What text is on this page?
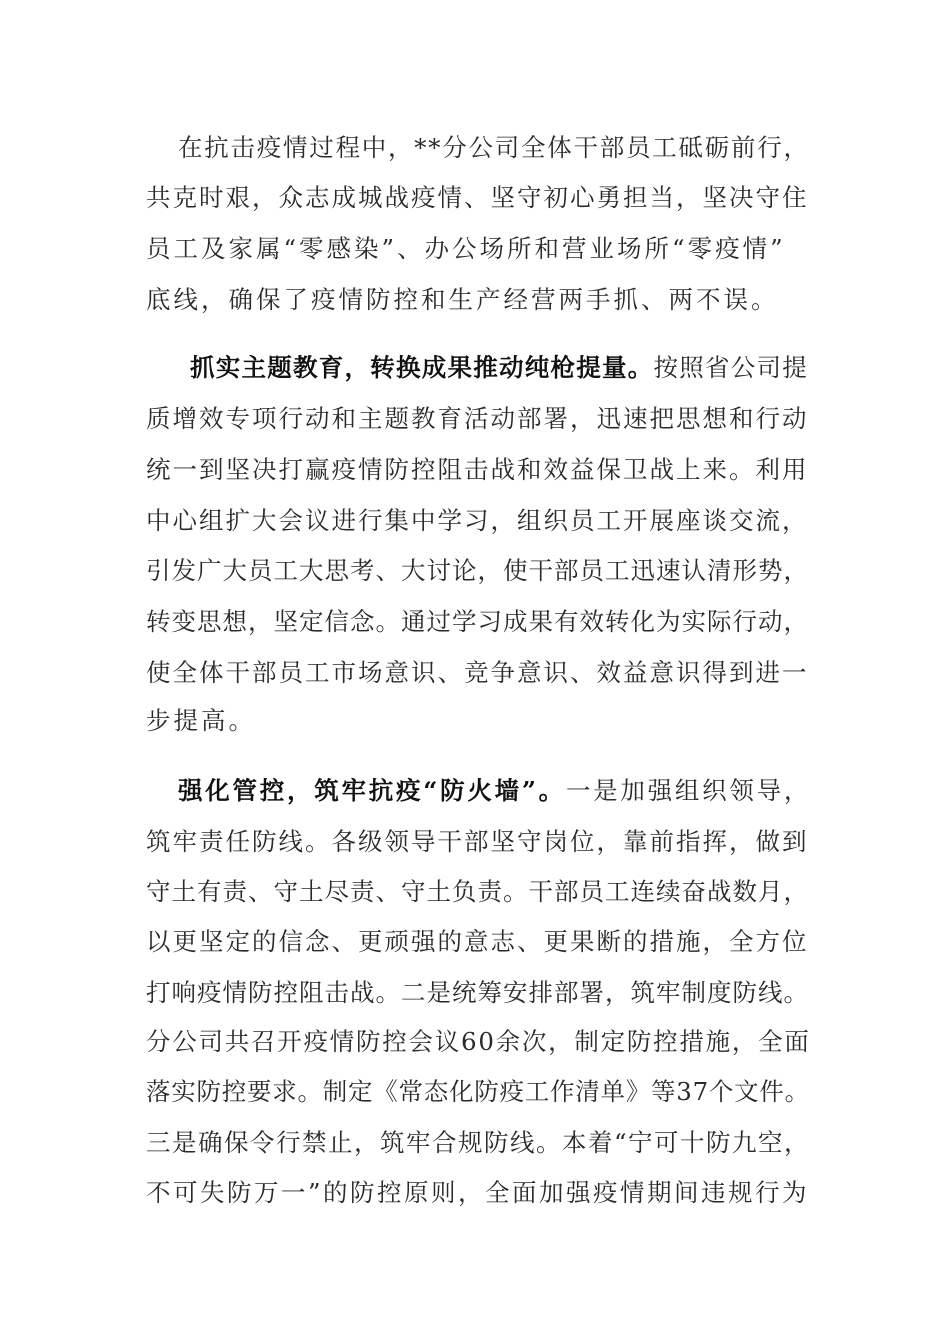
在抗击疫情过程中，**分公司全体干部员工砥砺前行，

共克时艰，众志成城战疫情、坚守初心勇担当，坚决守住

员工及家属“零感染”、办公场所和营业场所“零疫情”

底线，确保了疫情防控和生产经营两手抓、两不误。

抓实主题教育，转换成果推动纯枪提量。按照省公司提

质增效专项行动和主题教育活动部署，迅速把思想和行动

统一到坚决打赢疫情防控阻击战和效益保卫战上来。利用

中心组扩大会议进行集中学习，组织员工开展座谈交流，

引发广大员工大思考、大讨论，使干部员工迅速认清形势，

转变思想，坚定信念。通过学习成果有效转化为实际行动，

使全体干部员工市场意识、竞争意识、效益意识得到进一

步提高。

强化管控，筑牢抗疫“防火墙”。一是加强组织领导，

筑牢责任防线。各级领导干部坚守岗位，靠前指挥，做到

守土有责、守土尽责、守土负责。干部员工连续奋战数月，

以更坚定的信念、更顽强的意志、更果断的措施，全方位

打响疫情防控阻击战。二是统筹安排部署，筑牢制度防线。

分公司共召开疫情防控会议60余次，制定防控措施，全面

落实防控要求。制定《常态化防疫工作清单》等37个文件。

三是确保令行禁止，筑牢合规防线。本着“宁可十防九空，

不可失防万一”的防控原则，全面加强疫情期间违规行为
